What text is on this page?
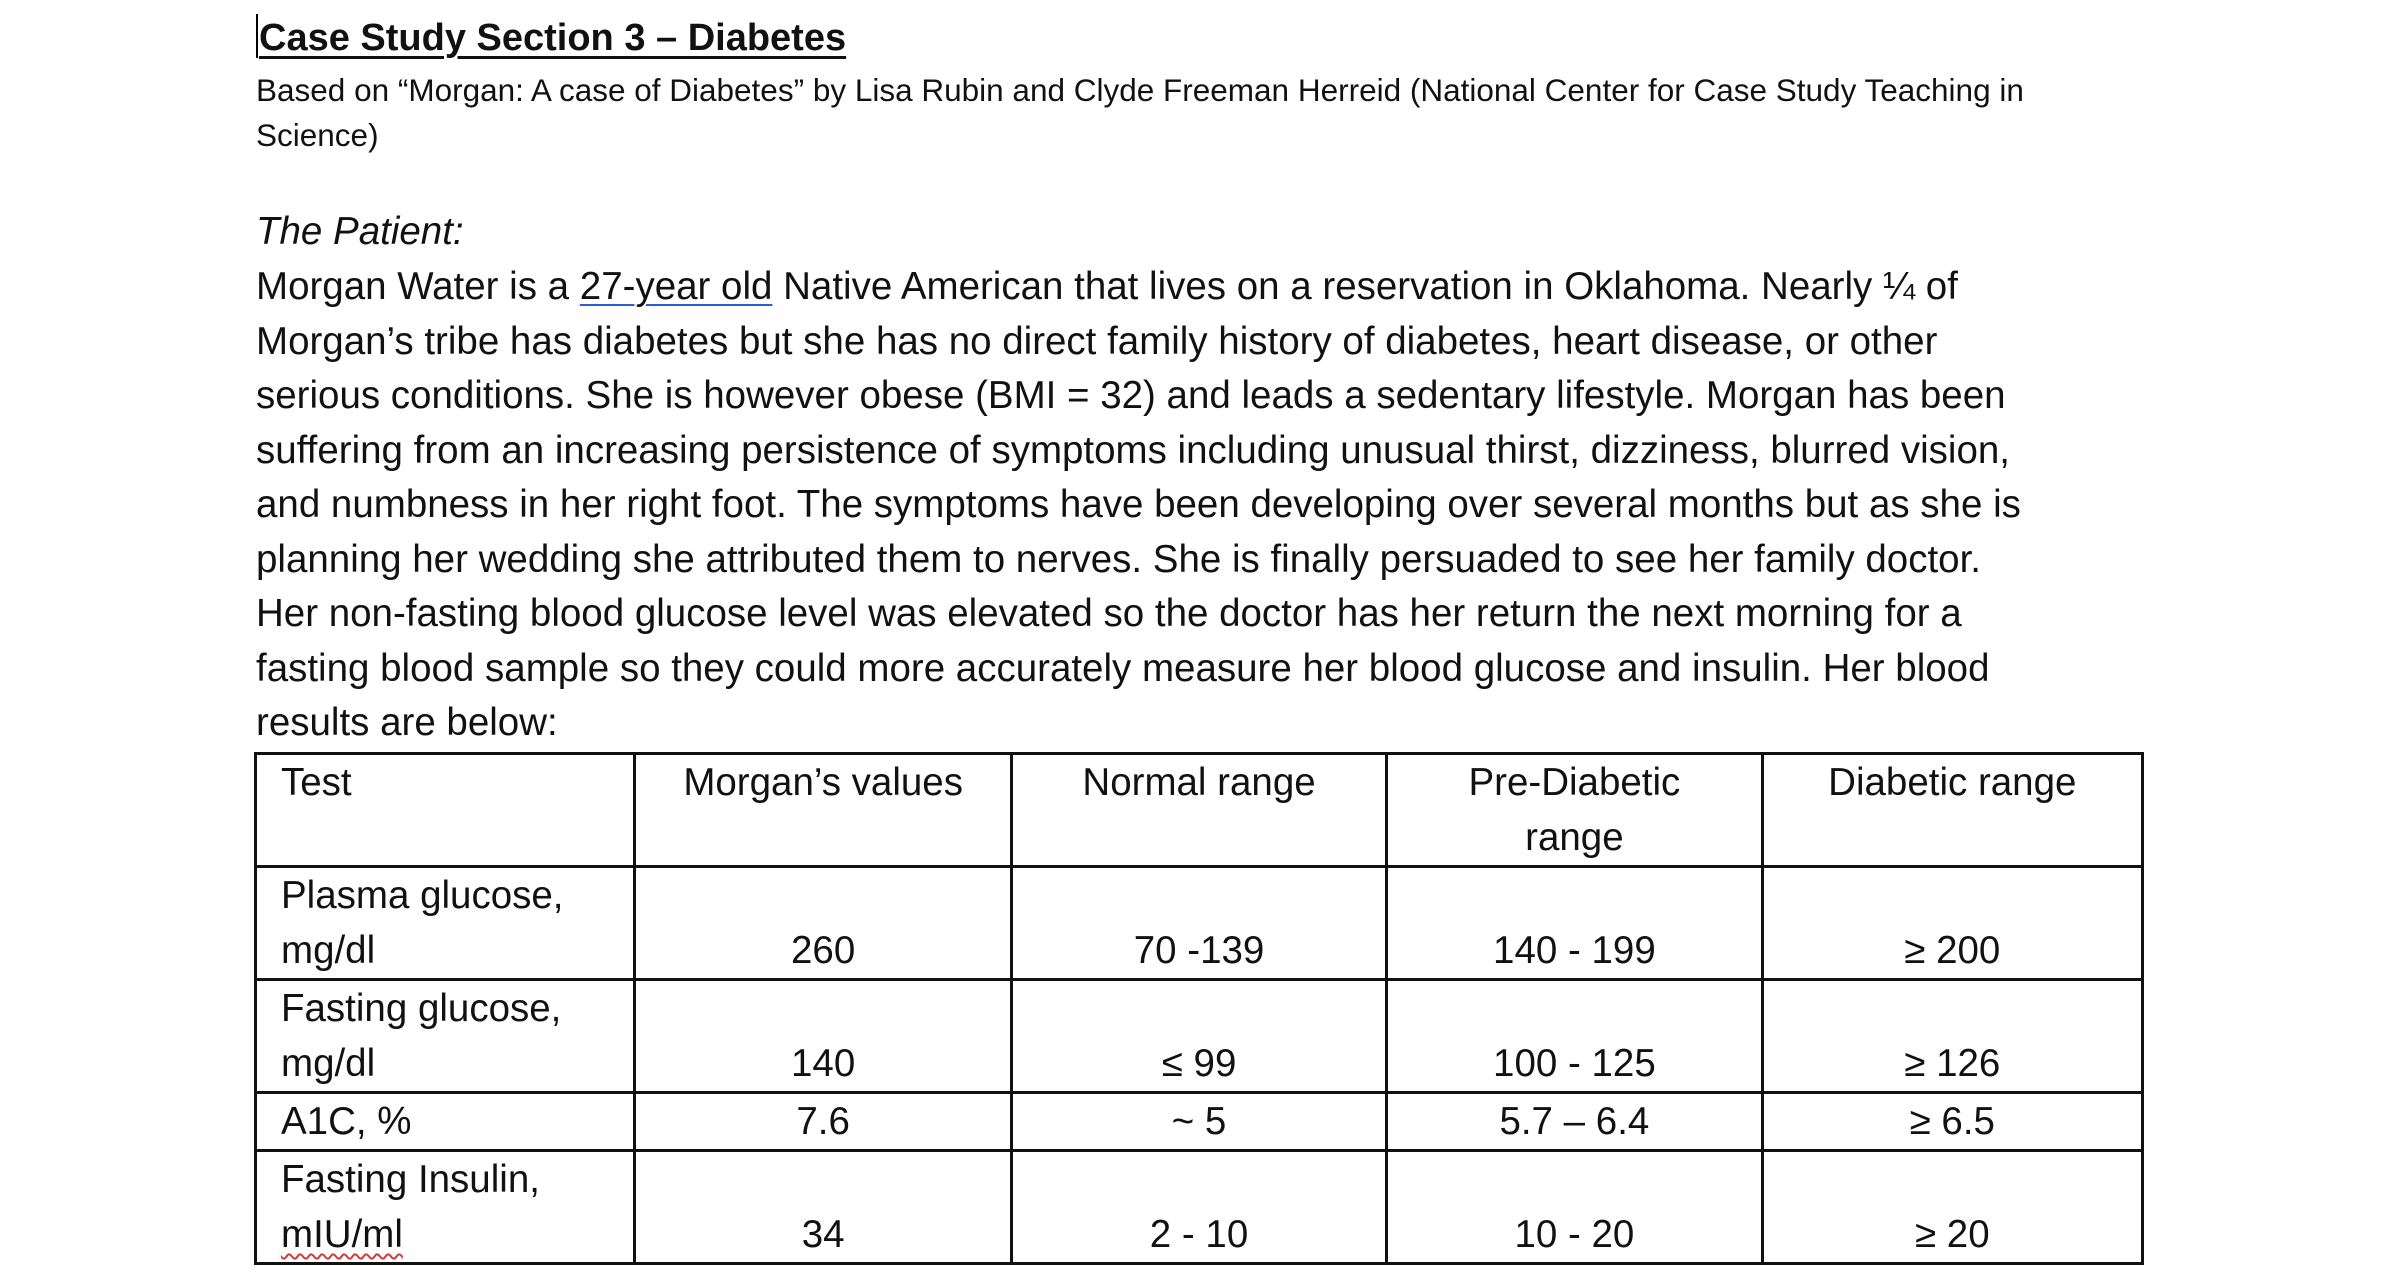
Case Study Section 3 – Diabetes
Based on “Morgan: A case of Diabetes” by Lisa Rubin and Clyde Freeman Herreid (National Center for Case Study Teaching in
Science)
The Patient:
Morgan Water is a 27-year old Native American that lives on a reservation in Oklahoma. Nearly ¼ of
Morgan’s tribe has diabetes but she has no direct family history of diabetes, heart disease, or other
serious conditions. She is however obese (BMI = 32) and leads a sedentary lifestyle. Morgan has been
suffering from an increasing persistence of symptoms including unusual thirst, dizziness, blurred vision,
and numbness in her right foot. The symptoms have been developing over several months but as she is
planning her wedding she attributed them to nerves. She is finally persuaded to see her family doctor.
Her non-fasting blood glucose level was elevated so the doctor has her return the next morning for a
fasting blood sample so they could more accurately measure her blood glucose and insulin. Her blood
results are below:
Test	Morgan’s values	Normal range	Pre-Diabetic
range	Diabetic range
Plasma glucose,
mg/dl	260	70 -139	140 - 199	≥ 200
Fasting glucose,
mg/dl	140	≤ 99	100 - 125	≥ 126
A1C, %	7.6	~ 5	5.7 – 6.4	≥ 6.5
Fasting Insulin,
mIU/ml	34	2 - 10	10 - 20	≥ 20
